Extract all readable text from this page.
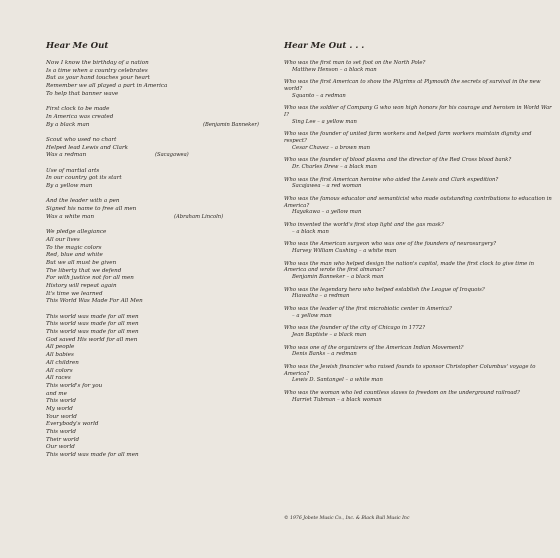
Hear Me Out
Now I know the birthday of a nation
Is a time when a country celebrates
But as your hand touches your heart
Remember we all played a part in America
To help that banner wave
First clock to be made
In America was created
By a black man	(Benjamin Banneker)
Scout who used no chart
Helped lead Lewis and Clark
Was a redman	(Sacagawea)
Use of martial arts
In our country got its start
By a yellow man
And the leader with a pen
Signed his name to free all men
Was a white man	(Abraham Lincoln)
We pledge allegiance
All our lives
To the magic colors
Red, blue and white
But we all must be given
The liberty that we defend
For with justice not for all men
History will repeat again
It's time we learned
This World Was Made For All Men
This world was made for all men
This world was made for all men
This world was made for all men
God saved His world for all men
All people
All babies
All children
All colors
All races
This world's for you
and me
This world
My world
Your world
Everybody's world
This world
Their world
Our world
This world was made for all men
Hear Me Out . . .
Who was the first man to set foot on the North Pole?
Matthew Henson – a black man
Who was the first American to show the Pilgrims at Plymouth the secrets of survival in the new world?
Squanto – a redman
Who was the soldier of Company G who won high honors for his courage and heroism in World War I?
Sing Lee – a yellow man
Who was the founder of united farm workers and helped farm workers maintain dignity and respect?
Cesar Chavez – a brown man
Who was the founder of blood plasma and the director of the Red Cross blood bank?
Dr. Charles Drew – a black man
Who was the first American heroine who aided the Lewis and Clark expedition?
Sacajawea – a red woman
Who was the famous educator and semanticist who made outstanding contributions to education in America?
Hayakawa – a yellow man
Who invented the world's first stop light and the gas mask?
– a black man
Who was the American surgeon who was one of the founders of neurosurgery?
Harvey William Cushing – a white man
Who was the man who helped design the nation's capitol, made the first clock to give time in America and wrote the first almanac?
Benjamin Banneker – a black man
Who was the legendary hero who helped establish the League of Iroquois?
Hiawatha – a redman
Who was the leader of the first microbiotic center in America?
– a yellow man
Who was the founder of the city of Chicago in 1772?
Jean Baptiste – a black man
Who was one of the organizers of the American Indian Movement?
Denis Banks – a redman
Who was the Jewish financier who raised founds to sponsor Christopher Columbus' voyage to America?
Lewis D. Santangel – a white man
Who was the woman who led countless slaves to freedom on the underground railroad?
Harriet Tubman – a black woman
© 1976 Jobete Music Co., Inc. & Black Bull Music Inc
